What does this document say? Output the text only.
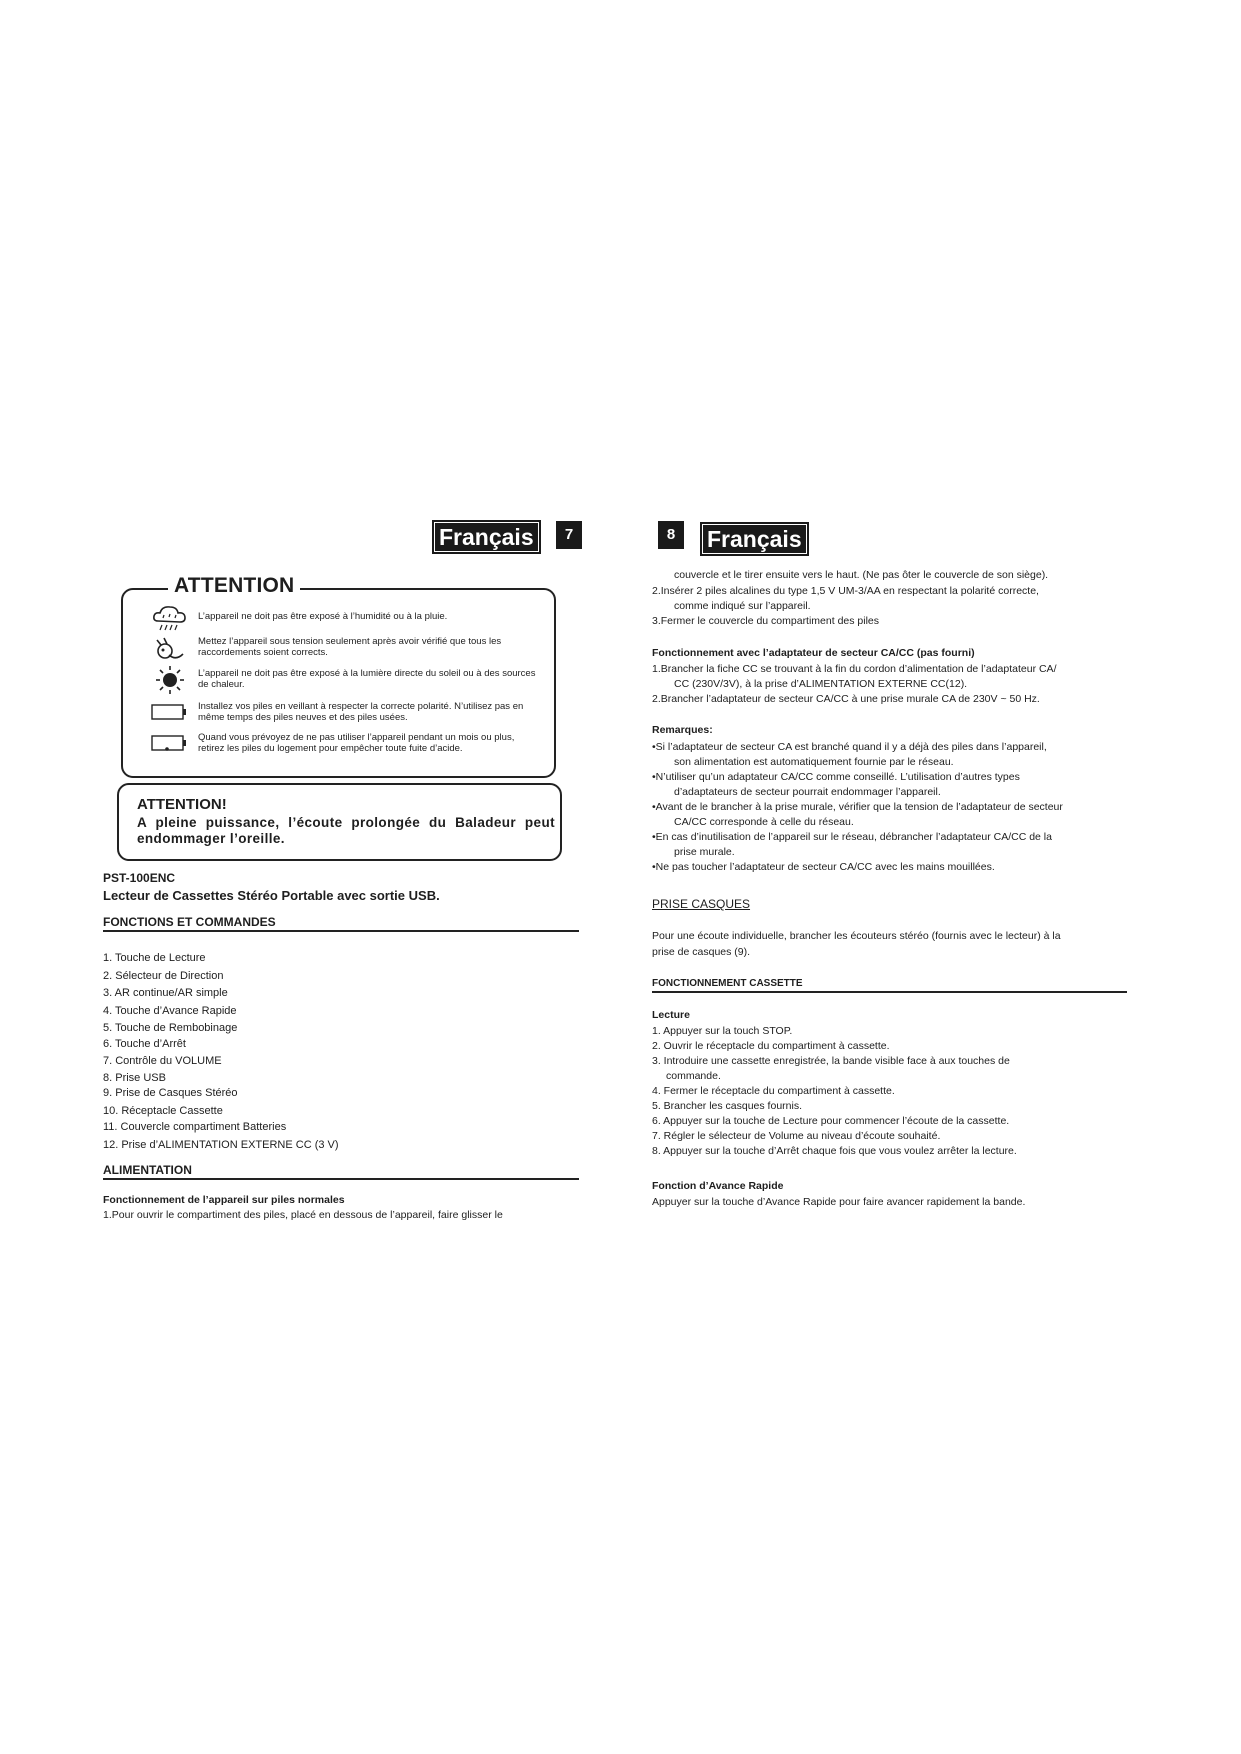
Français	7	8	Français
ATTENTION
L’appareil ne doit pas être exposé à l’humidité ou à la pluie.
Mettez l’appareil sous tension seulement après avoir vérifié que tous les raccordements soient corrects.
L’appareil ne doit pas être exposé à la lumière directe du soleil ou à des sources de chaleur.
Installez vos piles en veillant à respecter la correcte polarité. N’utilisez pas en même temps des piles neuves et des piles usées.
Quand vous prévoyez de ne pas utiliser l’appareil pendant un mois ou plus, retirez les piles du logement pour empêcher toute fuite d’acide.
ATTENTION!
A pleine puissance, l’écoute prolongée du Baladeur peut endommager l’oreille.
PST-100ENC
Lecteur de Cassettes Stéréo Portable avec sortie USB.
FONCTIONS ET COMMANDES
1. Touche de Lecture
2. Sélecteur de Direction
3. AR continue/AR simple
4. Touche d’Avance Rapide
5. Touche de Rembobinage
6. Touche d’Arrêt
7. Contrôle du VOLUME
8. Prise USB
9. Prise de Casques Stéréo
10. Réceptacle Cassette
11. Couvercle compartiment Batteries
12. Prise d’ALIMENTATION EXTERNE CC (3 V)
ALIMENTATION
Fonctionnement de l’appareil sur piles normales
1.Pour ouvrir le compartiment des piles, placé en dessous de l’appareil, faire glisser le
couvercle et le tirer ensuite vers le haut. (Ne pas ôter le couvercle de son siège).
2.Insérer 2 piles alcalines du type 1,5 V UM-3/AA en respectant la polarité correcte,
comme indiqué sur l’appareil.
3.Fermer le couvercle du compartiment des piles
Fonctionnement avec l’adaptateur de secteur CA/CC (pas fourni)
1.Brancher la fiche CC se trouvant à la fin du cordon d’alimentation de l’adaptateur CA/
CC (230V/3V), à la prise d’ALIMENTATION EXTERNE CC(12).
2.Brancher l’adaptateur de secteur CA/CC à une prise murale CA de 230V ~ 50 Hz.
Remarques:
•Si l’adaptateur de secteur CA est branché quand il y a déjà des piles dans l’appareil,
son alimentation est automatiquement fournie par le réseau.
•N’utiliser qu’un adaptateur CA/CC comme conseillé. L’utilisation d’autres types
d’adaptateurs de secteur pourrait endommager l’appareil.
•Avant de le brancher à la prise murale, vérifier que la tension de l’adaptateur de secteur
CA/CC corresponde à celle du réseau.
•En cas d’inutilisation de l’appareil sur le réseau, débrancher l’adaptateur CA/CC de la
prise murale.
•Ne pas toucher l’adaptateur de secteur CA/CC avec les mains mouillées.
PRISE CASQUES
Pour une écoute individuelle, brancher les écouteurs stéréo (fournis avec le lecteur) à la
prise de casques (9).
FONCTIONNEMENT CASSETTE
Lecture
1. Appuyer sur la touch STOP.
2. Ouvrir le réceptacle du compartiment à cassette.
3. Introduire une cassette enregistrée, la bande visible face à aux touches de
commande.
4. Fermer le réceptacle du compartiment à cassette.
5. Brancher les casques fournis.
6. Appuyer sur la touche de Lecture pour commencer l’écoute de la cassette.
7. Régler le sélecteur de Volume au niveau d’écoute souhaité.
8. Appuyer sur la touche d’Arrêt chaque fois que vous voulez arrêter la lecture.
Fonction d’Avance Rapide
Appuyer sur la touche d’Avance Rapide pour faire avancer rapidement la bande.
